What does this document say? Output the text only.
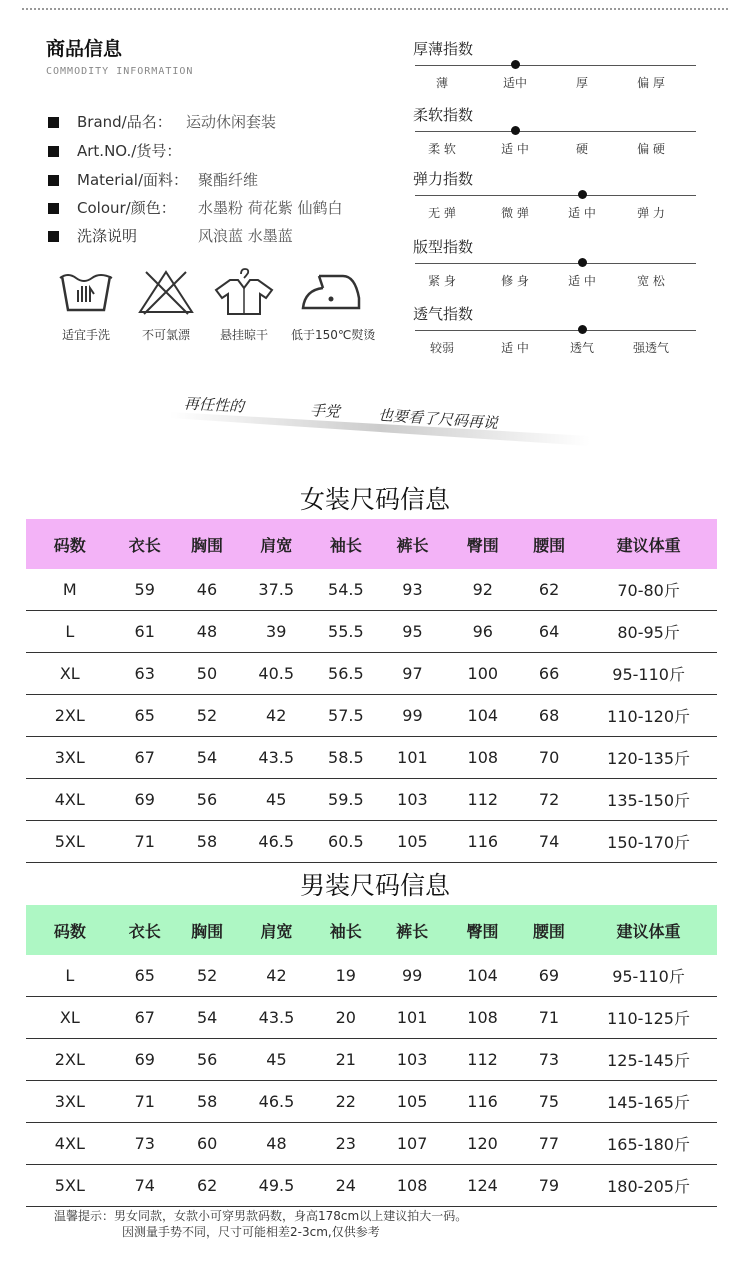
商品信息
COMMODITY INFORMATION
Brand/品名： 运动休闲套装
Art.NO./货号：
Material/面料： 聚酯纤维
Colour/颜色： 水墨粉 荷花紫 仙鹤白
洗涤说明	风浪蓝 水墨蓝
适宜手洗	不可氯漂	悬挂晾干	低于150℃熨烫
厚薄指数
薄	适中	厚	偏 厚
柔软指数
柔 软	适 中	硬	偏 硬
弹力指数
无 弹	微 弹	适 中	弹 力
版型指数
紧 身	修 身	适 中	宽 松
透气指数
较弱	适 中	透气	强透气
再任性的	手党 也要看了尺码再说
女装尺码信息
码数	衣长	胸围	肩宽	袖长	裤长	臀围	腰围	建议体重
M	59	46	37.5	54.5	93	92	62	70-80斤
L	61	48	39	55.5	95	96	64	80-95斤
XL	63	50	40.5	56.5	97	100	66	95-110斤
2XL	65	52	42	57.5	99	104	68	110-120斤
3XL	67	54	43.5	58.5	101	108	70	120-135斤
4XL	69	56	45	59.5	103	112	72	135-150斤
5XL	71	58	46.5	60.5	105	116	74	150-170斤
男装尺码信息
码数	衣长	胸围	肩宽	袖长	裤长	臀围	腰围	建议体重
L	65	52	42	19	99	104	69	95-110斤
XL	67	54	43.5	20	101	108	71	110-125斤
2XL	69	56	45	21	103	112	73	125-145斤
3XL	71	58	46.5	22	105	116	75	145-165斤
4XL	73	60	48	23	107	120	77	165-180斤
5XL	74	62	49.5	24	108	124	79	180-205斤
温馨提示：男女同款，女款小可穿男款码数，身高178cm以上建议拍大一码。
因测量手势不同，尺寸可能相差2-3cm,仅供参考
